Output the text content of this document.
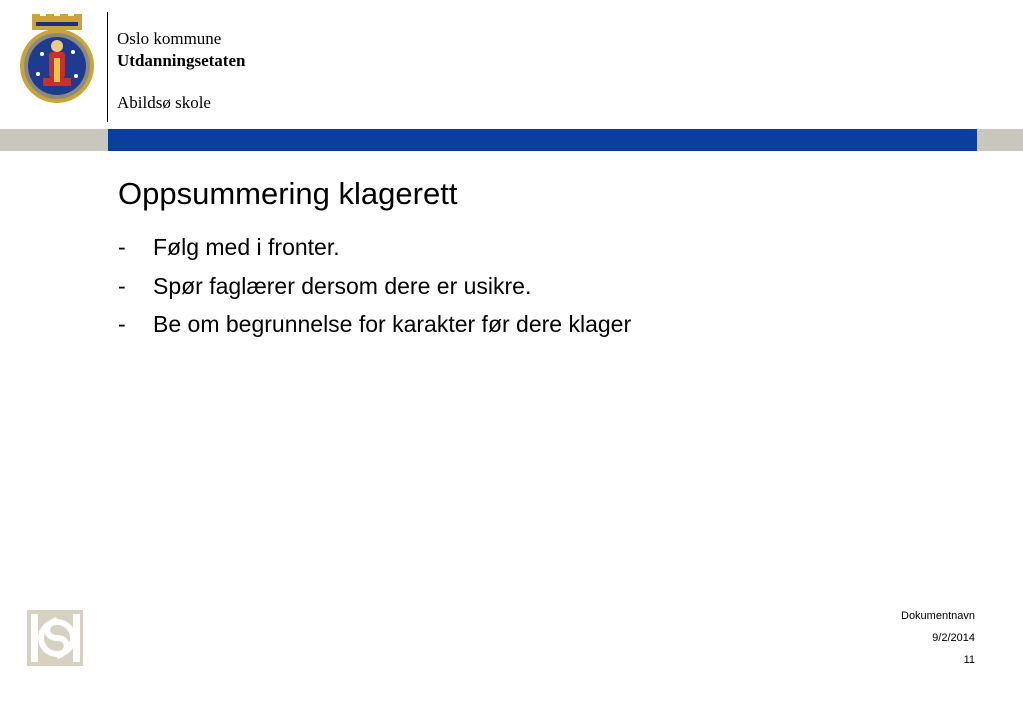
Oslo kommune
Utdanningsetaten
Abildsø skole
Oppsummering klagerett
-	Følg med i fronter.
-	Spør faglærer dersom dere er usikre.
-	Be om begrunnelse for karakter før dere klager
Dokumentnavn
9/2/2014
11
